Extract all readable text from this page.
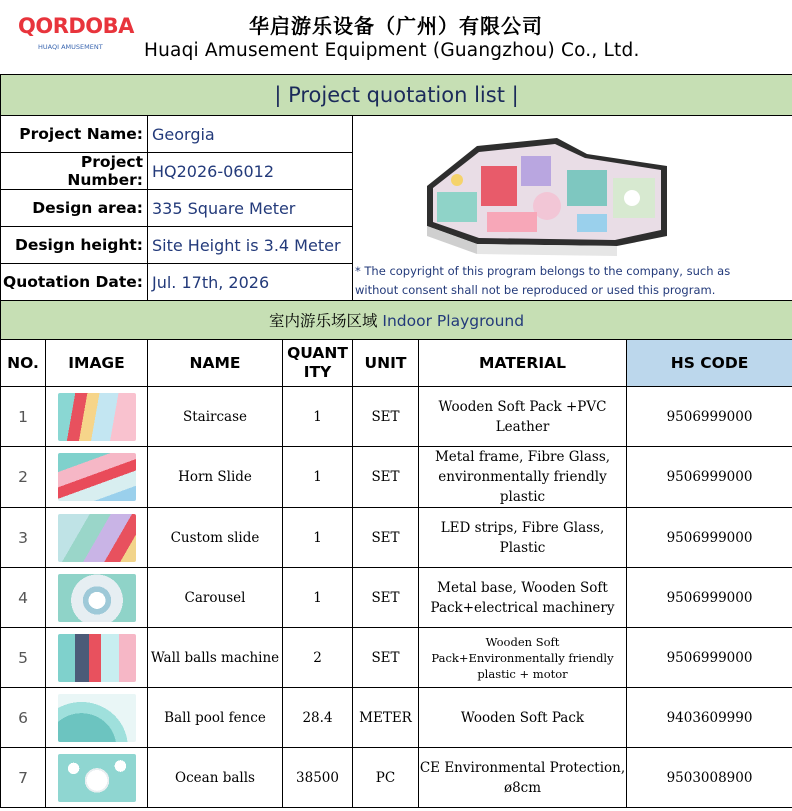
QORDOBA
HUAQI AMUSEMENT
华启游乐设备（广州）有限公司
Huaqi Amusement Equipment (Guangzhou) Co., Ltd.
| Project quotation list |						
Project Name:		Georgia		* The copyright of this program belongs to the company, such as without consent shall not be reproduced or used this program.		

Project Number:		HQ2026-06012				
Design area:		335 Square Meter				
Design height:		Site Height is 3.4 Meter				
Quotation Date:		Jul. 17th, 2026				
室内游乐场区域 Indoor Playground						
NO.	IMAGE	NAME	QUANTITY	UNIT	MATERIAL	HS CODE
1		Staircase	1	SET	Wooden Soft Pack +PVC Leather	9506999000
2		Horn Slide	1	SET	Metal frame, Fibre Glass, environmentally friendly plastic	9506999000
3		Custom slide	1	SET	LED strips, Fibre Glass, Plastic	9506999000
4		Carousel	1	SET	Metal base, Wooden Soft Pack+electrical machinery	9506999000
5		Wall balls machine	2	SET	Wooden Soft Pack+Environmentally friendly plastic + motor	9506999000
6		Ball pool fence	28.4	METER	Wooden Soft Pack	9403609990
7		Ocean balls	38500	PC	CE Environmental Protection, ø8cm	9503008900
